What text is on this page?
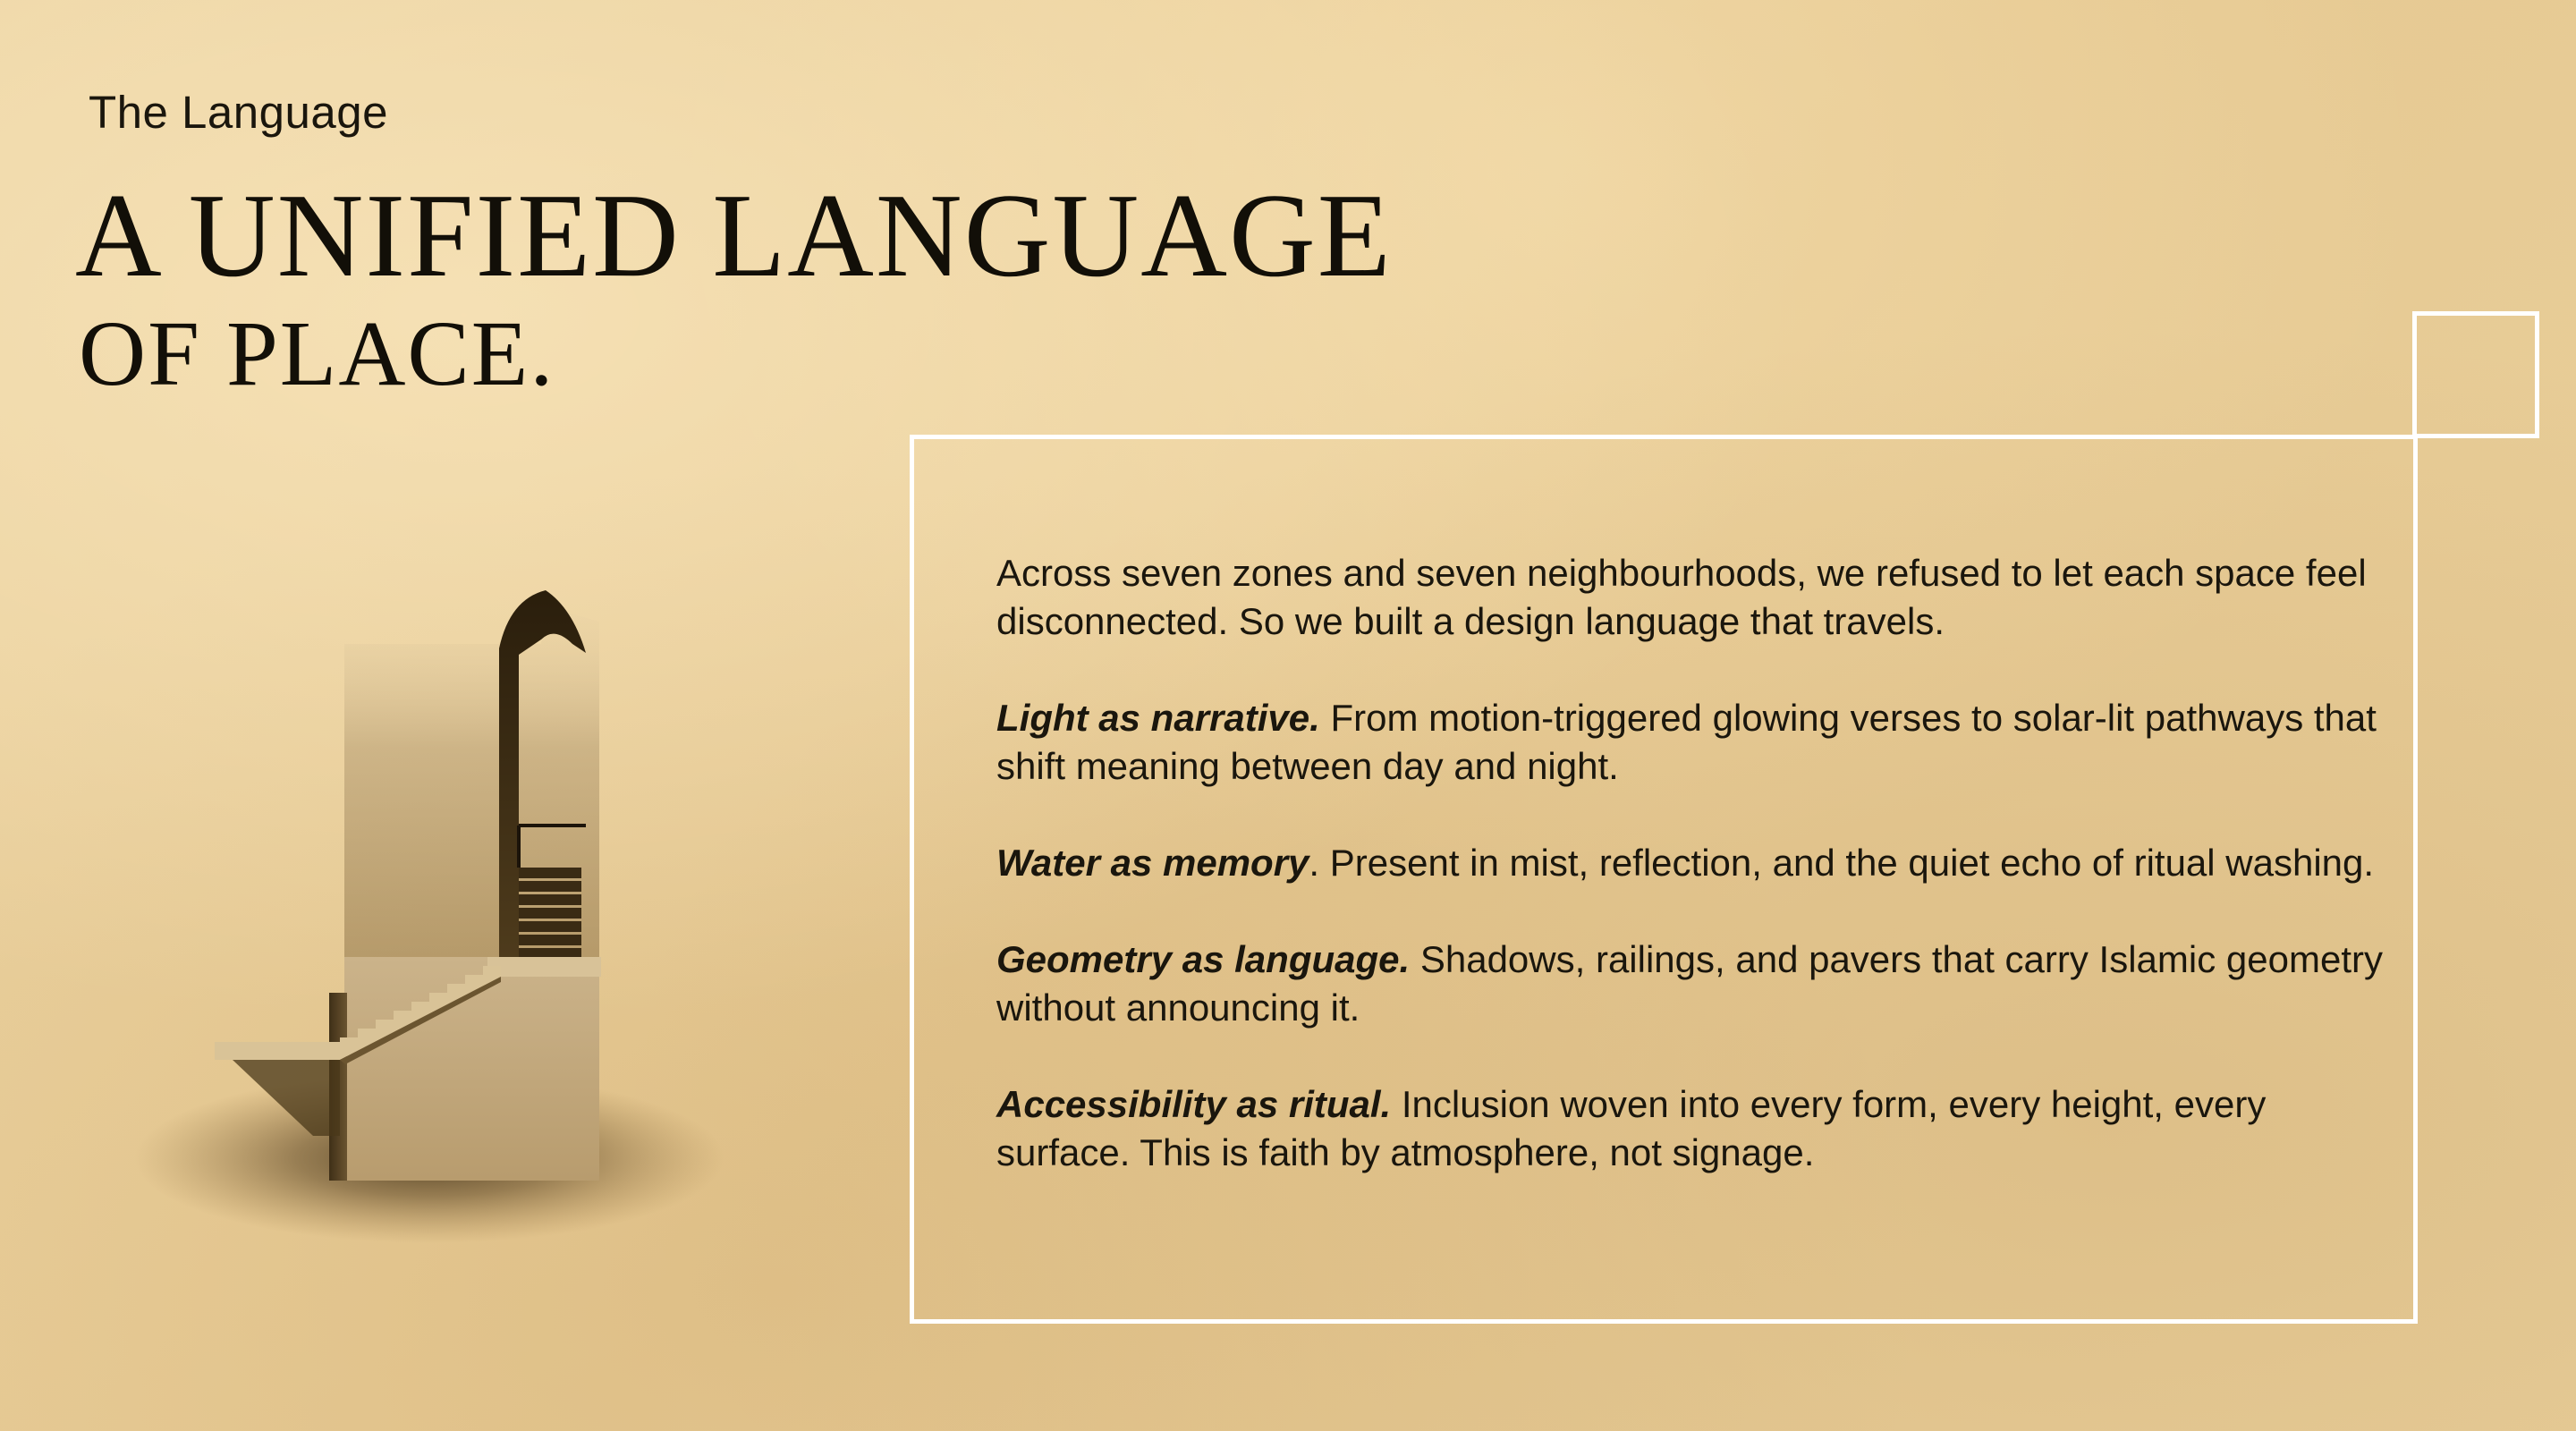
The Language
A UNIFIED LANGUAGE
OF PLACE.

Across seven zones and seven neighbourhoods, we refused to let each space feel disconnected. So we built a design language that travels.

Light as narrative. From motion-triggered glowing verses to solar-lit pathways that shift meaning between day and night.

Water as memory. Present in mist, reflection, and the quiet echo of ritual washing.

Geometry as language. Shadows, railings, and pavers that carry Islamic geometry without announcing it.

Accessibility as ritual. Inclusion woven into every form, every height, every surface. This is faith by atmosphere, not signage.
